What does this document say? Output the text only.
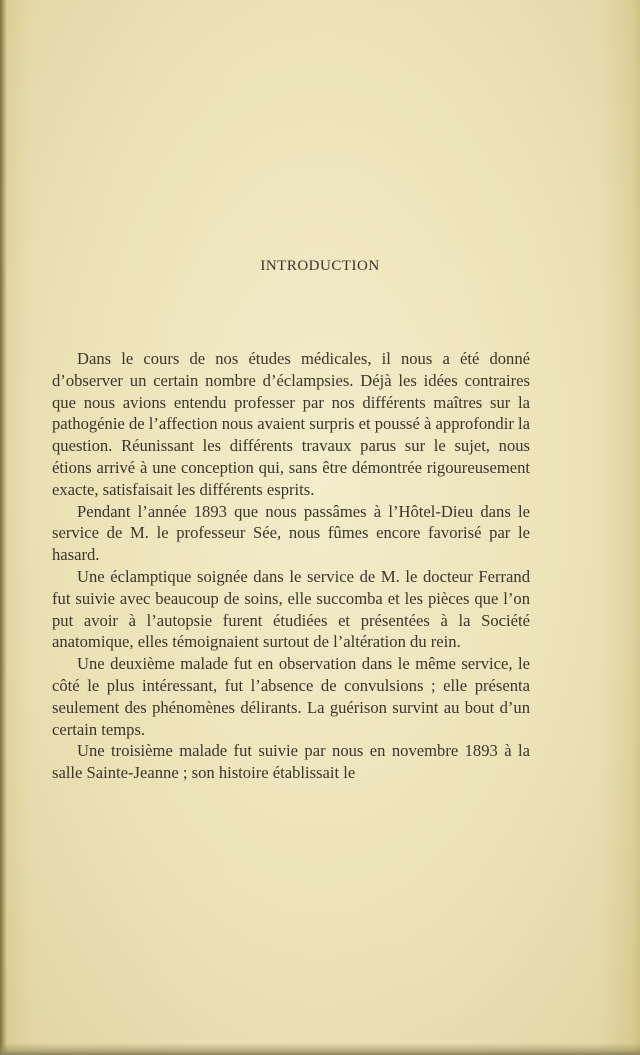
INTRODUCTION

Dans le cours de nos études médicales, il nous a été donné d’observer un certain nombre d’éclampsies. Déjà les idées contraires que nous avions entendu professer par nos différents maîtres sur la pathogénie de l’affection nous avaient surpris et poussé à approfondir la question. Réunissant les différents travaux parus sur le sujet, nous étions arrivé à une conception qui, sans être démontrée rigoureusement exacte, satisfaisait les différents esprits.

Pendant l’année 1893 que nous passâmes à l’Hôtel-Dieu dans le service de M. le professeur Sée, nous fûmes encore favorisé par le hasard.

Une éclamptique soignée dans le service de M. le docteur Ferrand fut suivie avec beaucoup de soins, elle succomba et les pièces que l’on put avoir à l’autopsie furent étudiées et présentées à la Société anatomique, elles témoignaient surtout de l’altération du rein.

Une deuxième malade fut en observation dans le même service, le côté le plus intéressant, fut l’absence de convulsions ; elle présenta seulement des phénomènes délirants. La guérison survint au bout d’un certain temps.

Une troisième malade fut suivie par nous en novembre 1893 à la salle Sainte-Jeanne ; son histoire établissait le
